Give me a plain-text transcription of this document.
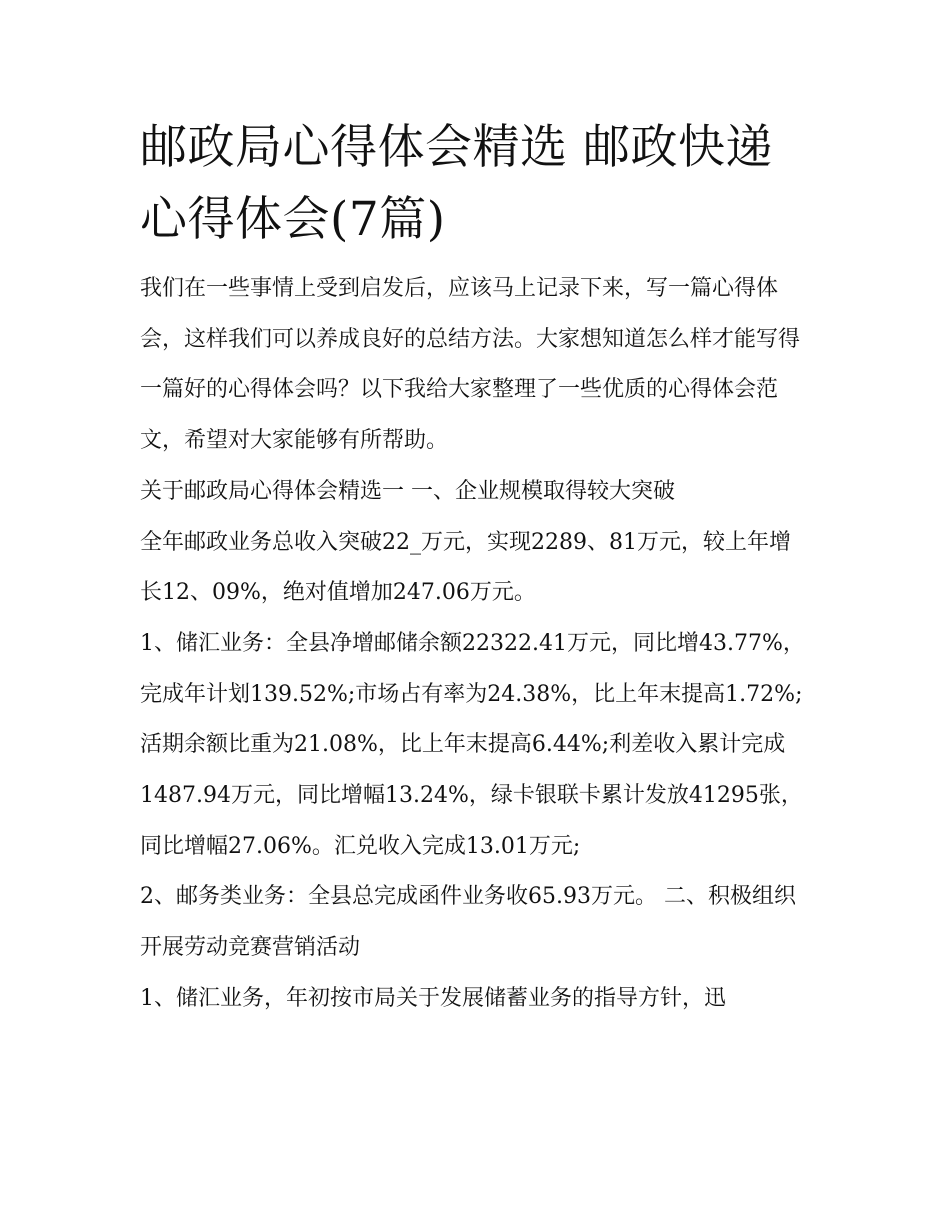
邮政局心得体会精选 邮政快递心得体会(7篇)

我们在一些事情上受到启发后，应该马上记录下来，写一篇心得体会，这样我们可以养成良好的总结方法。大家想知道怎么样才能写得一篇好的心得体会吗？以下我给大家整理了一些优质的心得体会范文，希望对大家能够有所帮助。

关于邮政局心得体会精选一 一、企业规模取得较大突破

全年邮政业务总收入突破22_万元，实现2289、81万元，较上年增长12、09%，绝对值增加247.06万元。

1、储汇业务：全县净增邮储余额22322.41万元，同比增43.77%，完成年计划139.52%;市场占有率为24.38%，比上年末提高1.72%;活期余额比重为21.08%，比上年末提高6.44%;利差收入累计完成1487.94万元，同比增幅13.24%，绿卡银联卡累计发放41295张，同比增幅27.06%。汇兑收入完成13.01万元;

2、邮务类业务：全县总完成函件业务收65.93万元。 二、积极组织开展劳动竞赛营销活动

1、储汇业务，年初按市局关于发展储蓄业务的指导方针，迅
